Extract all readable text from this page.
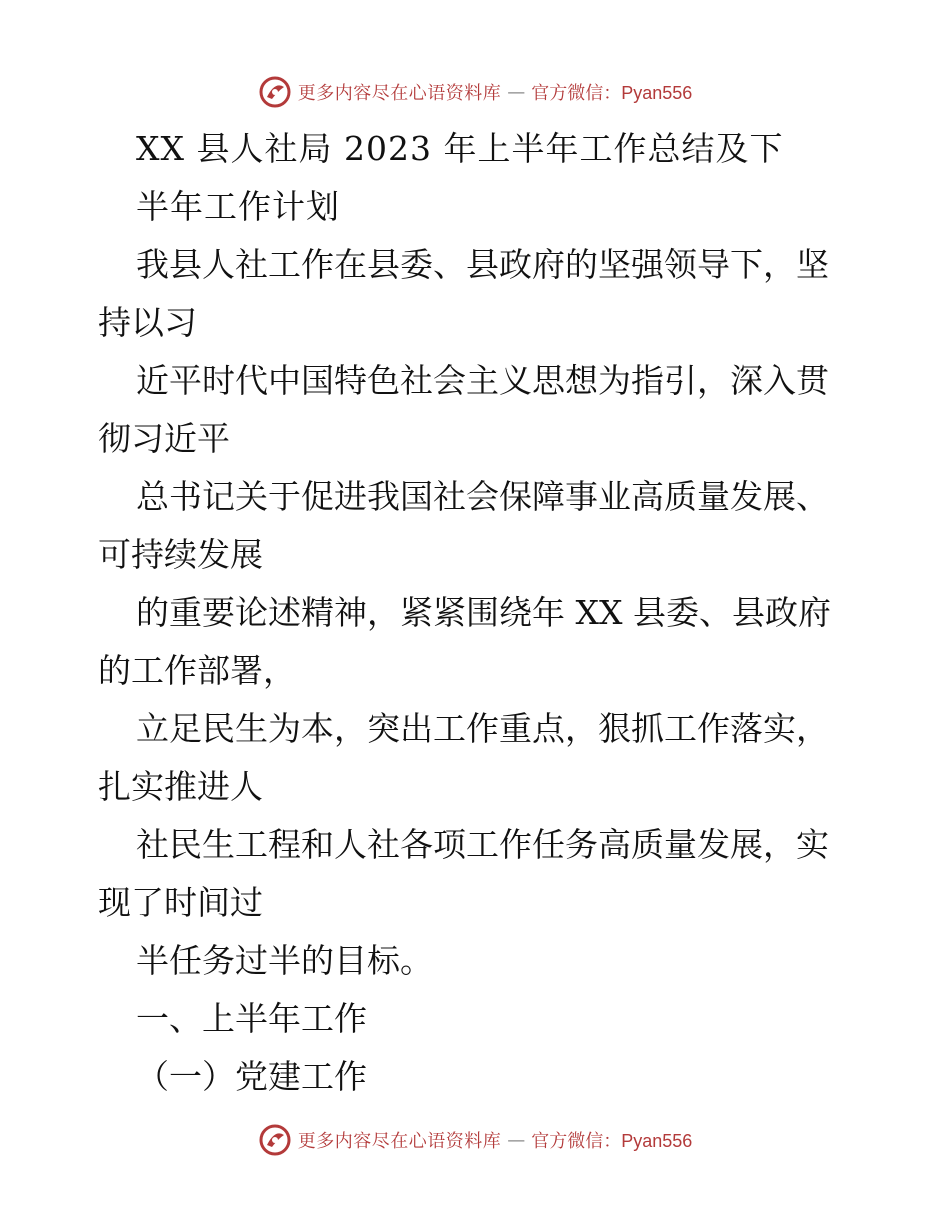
更多内容尽在心语资料库 — 官方微信：Pyan556
XX 县人社局 2023 年上半年工作总结及下
半年工作计划
我县人社工作在县委、县政府的坚强领导下，坚
持以习
近平时代中国特色社会主义思想为指引，深入贯
彻习近平
总书记关于促进我国社会保障事业高质量发展、
可持续发展
的重要论述精神，紧紧围绕年 XX 县委、县政府
的工作部署，
立足民生为本，突出工作重点，狠抓工作落实，
扎实推进人
社民生工程和人社各项工作任务高质量发展，实
现了时间过
半任务过半的目标。
一、上半年工作
（一）党建工作
更多内容尽在心语资料库 — 官方微信：Pyan556
